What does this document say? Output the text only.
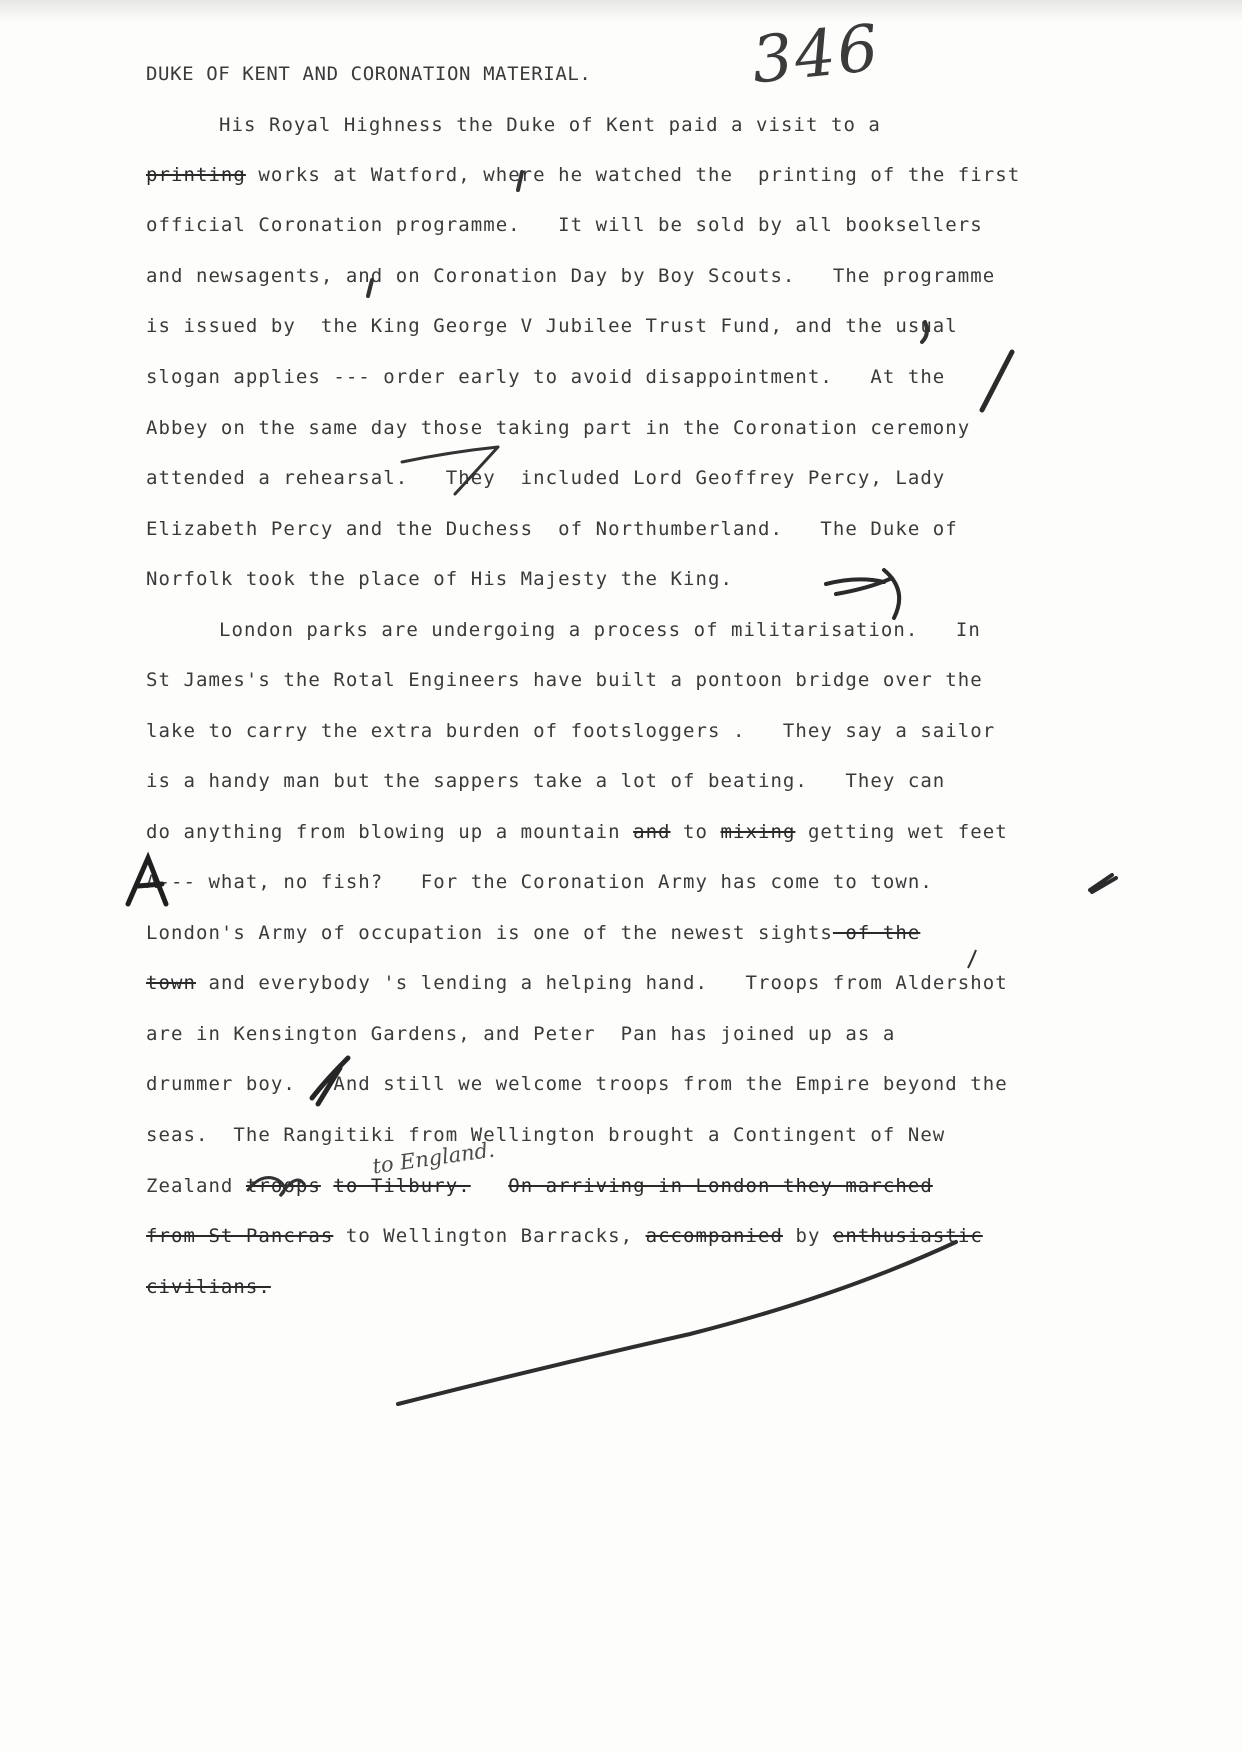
346
DUKE OF KENT AND CORONATION MATERIAL.
His Royal Highness the Duke of Kent paid a visit to a
printing works at Watford, where he watched the  printing of the first
official Coronation programme.   It will be sold by all booksellers
and newsagents, and on Coronation Day by Boy Scouts.   The programme
is issued by  the King George V Jubilee Trust Fund, and the usual
slogan applies --- order early to avoid disappointment.   At the
Abbey on the same day those taking part in the Coronation ceremony
attended a rehearsal.   They  included Lord Geoffrey Percy, Lady
Elizabeth Percy and the Duchess  of Northumberland.   The Duke of
Norfolk took the place of His Majesty the King.
London parks are undergoing a process of militarisation.   In
St James's the Rotal Engineers have built a pontoon bridge over the
lake to carry the extra burden of footsloggers .   They say a sailor
is a handy man but the sappers take a lot of beating.   They can
do anything from blowing up a mountain and to mixing getting wet feet
A--- what, no fish?   For the Coronation Army has come to town.
London's Army of occupation is one of the newest sights of the
town and everybody 's lending a helping hand.   Troops from Aldershot
are in Kensington Gardens, and Peter  Pan has joined up as a
drummer boy.   And still we welcome troops from the Empire beyond the
seas.  The Rangitiki from Wellington brought a Contingent of New
Zealand troops to Tilbury. On arriving in London they marched
from St Pancras to Wellington Barracks, accompanied by enthusiastic
civilians.
to England.
